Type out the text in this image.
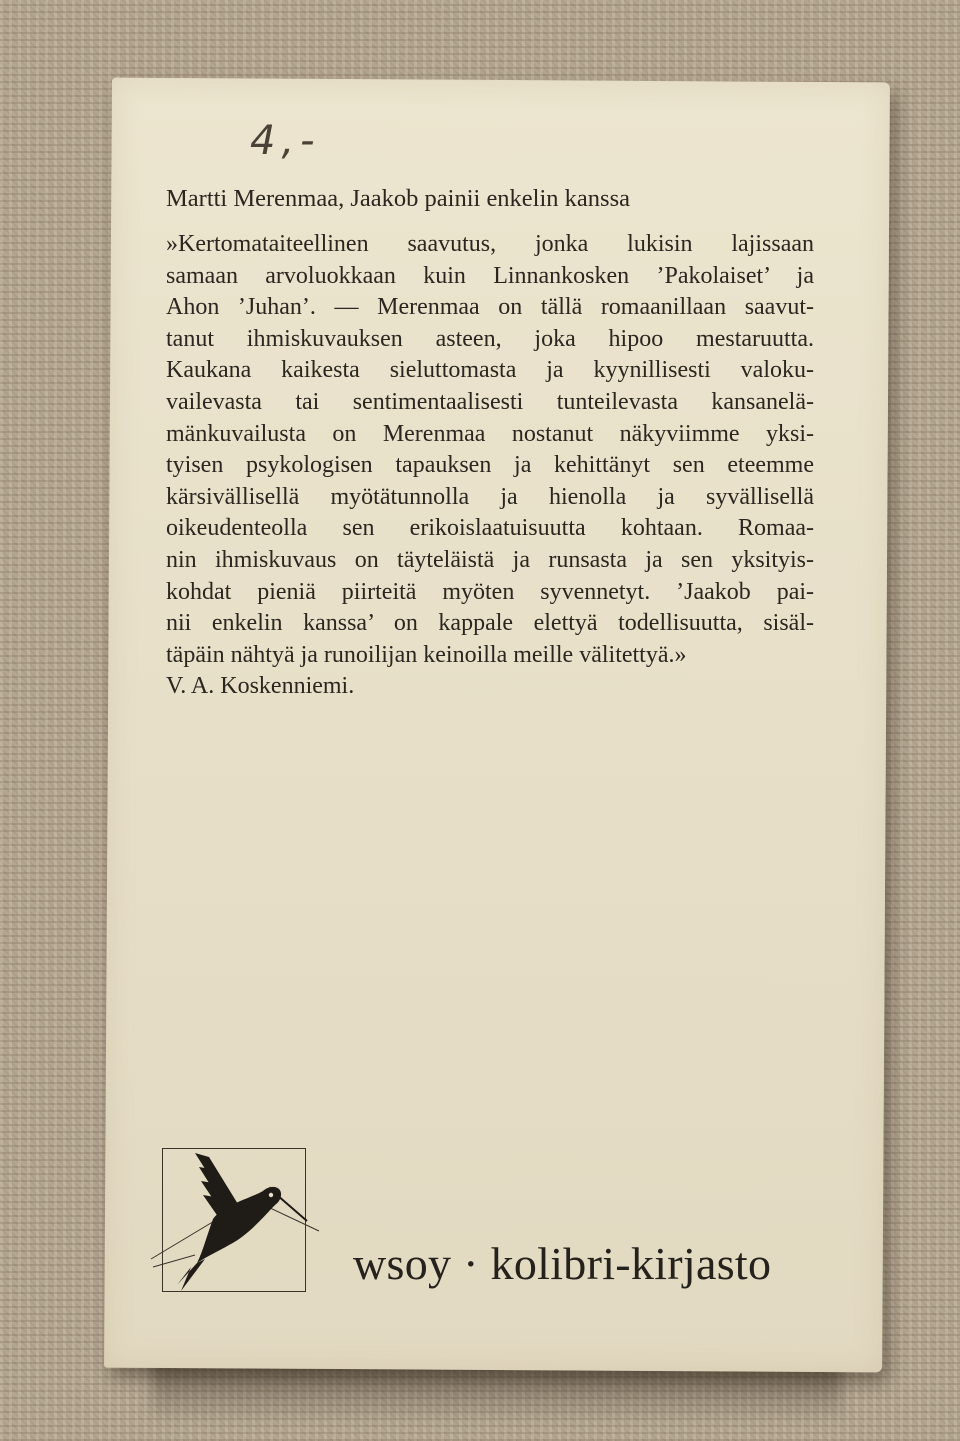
4,-
Martti Merenmaa, Jaakob painii enkelin kanssa
»Kertomataiteellinen saavutus, jonka lukisin lajissaan
samaan arvoluokkaan kuin Linnankosken ’Pakolaiset’ ja
Ahon ’Juhan’. — Merenmaa on tällä romaanillaan saavut-
tanut ihmiskuvauksen asteen, joka hipoo mestaruutta.
Kaukana kaikesta sieluttomasta ja kyynillisesti valoku-
vailevasta tai sentimentaalisesti tunteilevasta kansanelä-
mänkuvailusta on Merenmaa nostanut näkyviimme yksi-
tyisen psykologisen tapauksen ja kehittänyt sen eteemme
kärsivällisellä myötätunnolla ja hienolla ja syvällisellä
oikeudenteolla sen erikoislaatuisuutta kohtaan. Romaa-
nin ihmiskuvaus on täyteläistä ja runsasta ja sen yksityis-
kohdat pieniä piirteitä myöten syvennetyt. ’Jaakob pai-
nii enkelin kanssa’ on kappale elettyä todellisuutta, sisäl-
täpäin nähtyä ja runoilijan keinoilla meille välitettyä.»
V. A. Koskenniemi.
wsoy · kolibri-kirjasto
